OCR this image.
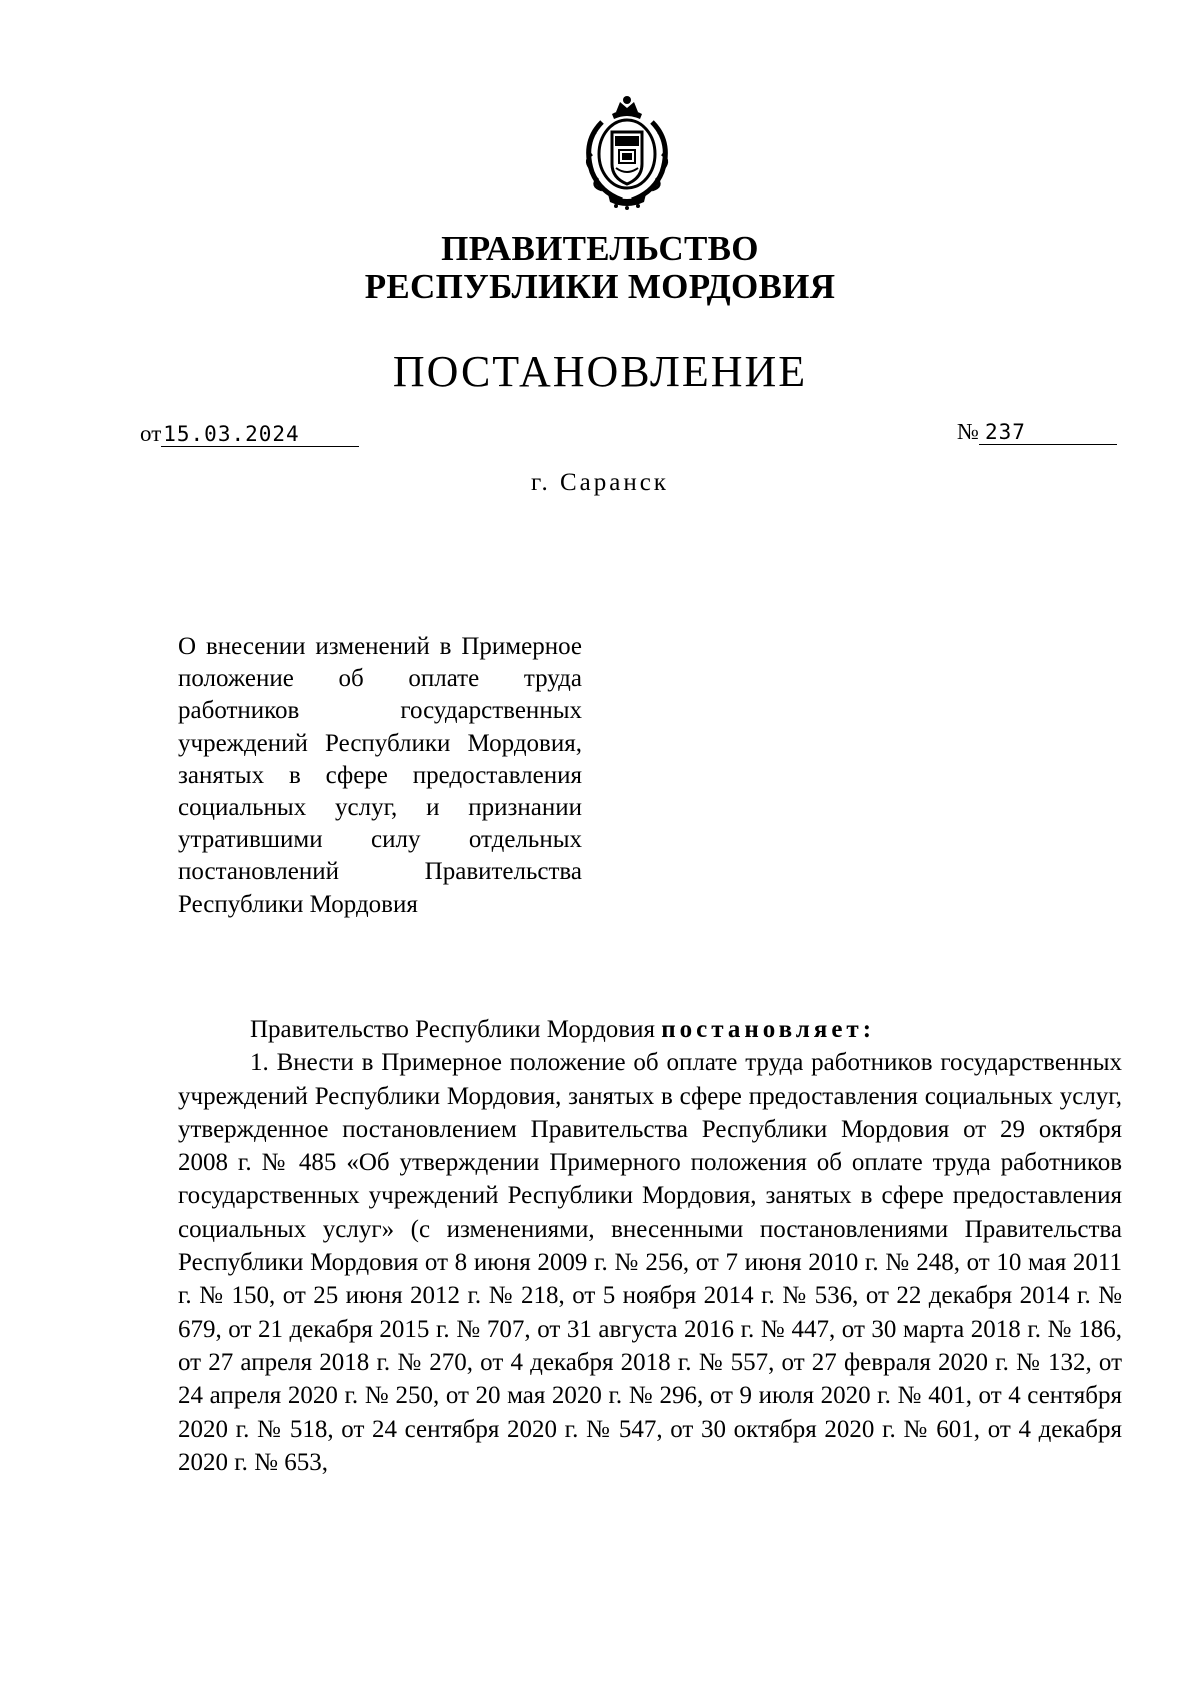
ПРАВИТЕЛЬСТВО
РЕСПУБЛИКИ МОРДОВИЯ
ПОСТАНОВЛЕНИЕ
от15.03.2024	№ 237
г. Саранск

О внесении изменений в Примерное положение об оплате труда работников государственных учреждений Республики Мордовия, занятых в сфере предоставления социальных услуг, и признании утратившими силу отдельных постановлений Правительства Республики Мордовия

Правительство Республики Мордовия постановляет:

1. Внести в Примерное положение об оплате труда работников государственных учреждений Республики Мордовия, занятых в сфере предоставления социальных услуг, утвержденное постановлением Правительства Республики Мордовия от 29 октября 2008 г. № 485 «Об утверждении Примерного положения об оплате труда работников государственных учреждений Республики Мордовия, занятых в сфере предоставления социальных услуг» (с изменениями, внесенными постановлениями Правительства Республики Мордовия от 8 июня 2009 г. № 256, от 7 июня 2010 г. № 248, от 10 мая 2011 г. № 150, от 25 июня 2012 г. № 218, от 5 ноября 2014 г. № 536, от 22 декабря 2014 г. № 679, от 21 декабря 2015 г. № 707, от 31 августа 2016 г. № 447, от 30 марта 2018 г. № 186, от 27 апреля 2018 г. № 270, от 4 декабря 2018 г. № 557, от 27 февраля 2020 г. № 132, от 24 апреля 2020 г. № 250, от 20 мая 2020 г. № 296, от 9 июля 2020 г. № 401, от 4 сентября 2020 г. № 518, от 24 сентября 2020 г. № 547, от 30 октября 2020 г. № 601, от 4 декабря 2020 г. № 653,
